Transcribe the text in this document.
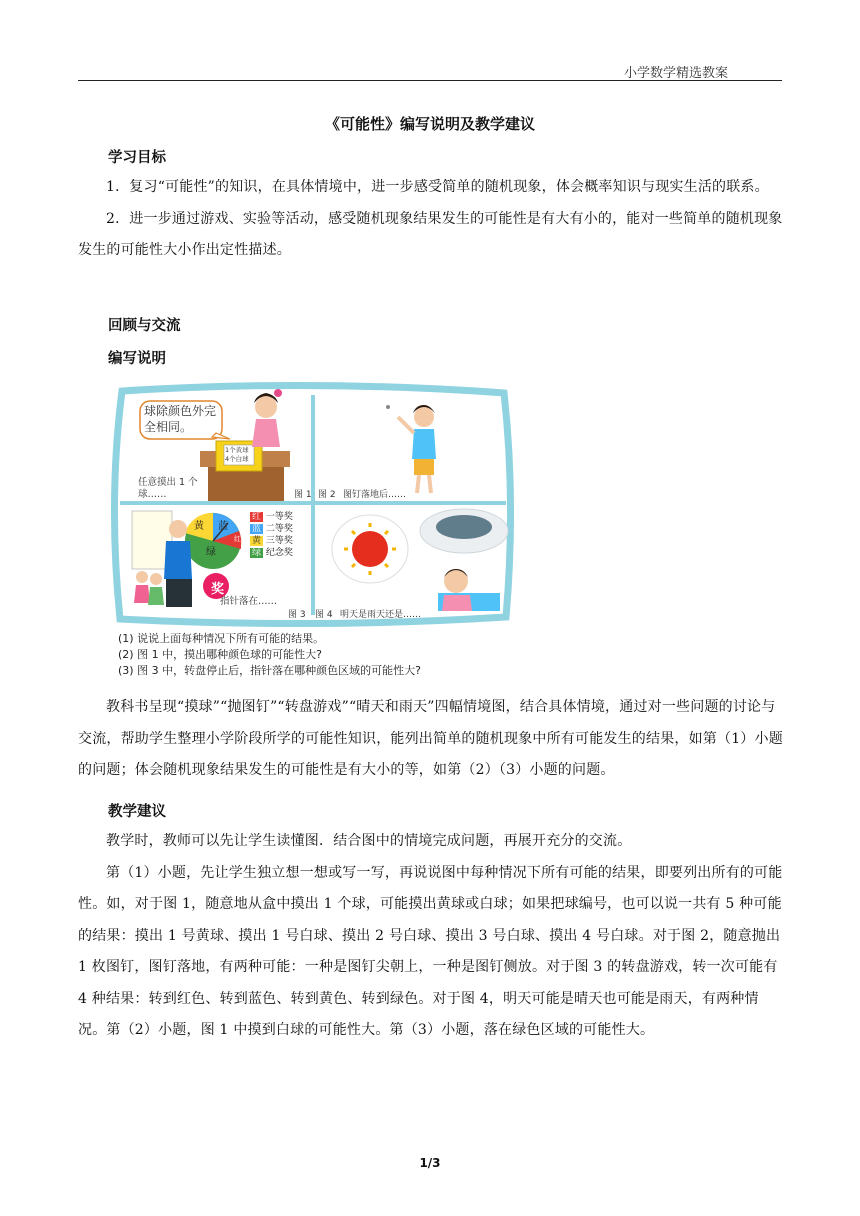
小学数学精选教案
《可能性》编写说明及教学建议
学习目标

1．复习“可能性”的知识，在具体情境中，进一步感受简单的随机现象，体会概率知识与现实生活的联系。

2．进一步通过游戏、实验等活动，感受随机现象结果发生的可能性是有大有小的，能对一些简单的随机现象发生的可能性大小作出定性描述。

回顾与交流
编写说明
球除颜色外完全相同。
1个黄球
4个白球
任意摸出 1 个球……	图 1 图 2 图钉落地后……
黄 蓝
绿
红
奖
红 一等奖
蓝 二等奖
黄 三等奖
绿 纪念奖
指针落在……
图 3 图 4 明天是雨天还是……
(1) 说说上面每种情况下所有可能的结果。
(2) 图 1 中，摸出哪种颜色球的可能性大?
(3) 图 3 中，转盘停止后，指针落在哪种颜色区域的可能性大?

教科书呈现“摸球”“抛图钉”“转盘游戏”“晴天和雨天”四幅情境图，结合具体情境，通过对一些问题的讨论与交流，帮助学生整理小学阶段所学的可能性知识，能列出简单的随机现象中所有可能发生的结果，如第（1）小题的问题；体会随机现象结果发生的可能性是有大小的等，如第（2）（3）小题的问题。

教学建议

教学时，教师可以先让学生读懂图．结合图中的情境完成问题，再展开充分的交流。

第（1）小题，先让学生独立想一想或写一写，再说说图中每种情况下所有可能的结果，即要列出所有的可能性。如，对于图 1，随意地从盒中摸出 1 个球，可能摸出黄球或白球；如果把球编号，也可以说一共有 5 种可能的结果：摸出 1 号黄球、摸出 1 号白球、摸出 2 号白球、摸出 3 号白球、摸出 4 号白球。对于图 2，随意抛出 1 枚图钉，图钉落地，有两种可能：一种是图钉尖朝上，一种是图钉侧放。对于图 3 的转盘游戏，转一次可能有 4 种结果：转到红色、转到蓝色、转到黄色、转到绿色。对于图 4，明天可能是晴天也可能是雨天，有两种情况。第（2）小题，图 1 中摸到白球的可能性大。第（3）小题，落在绿色区域的可能性大。

1/3
